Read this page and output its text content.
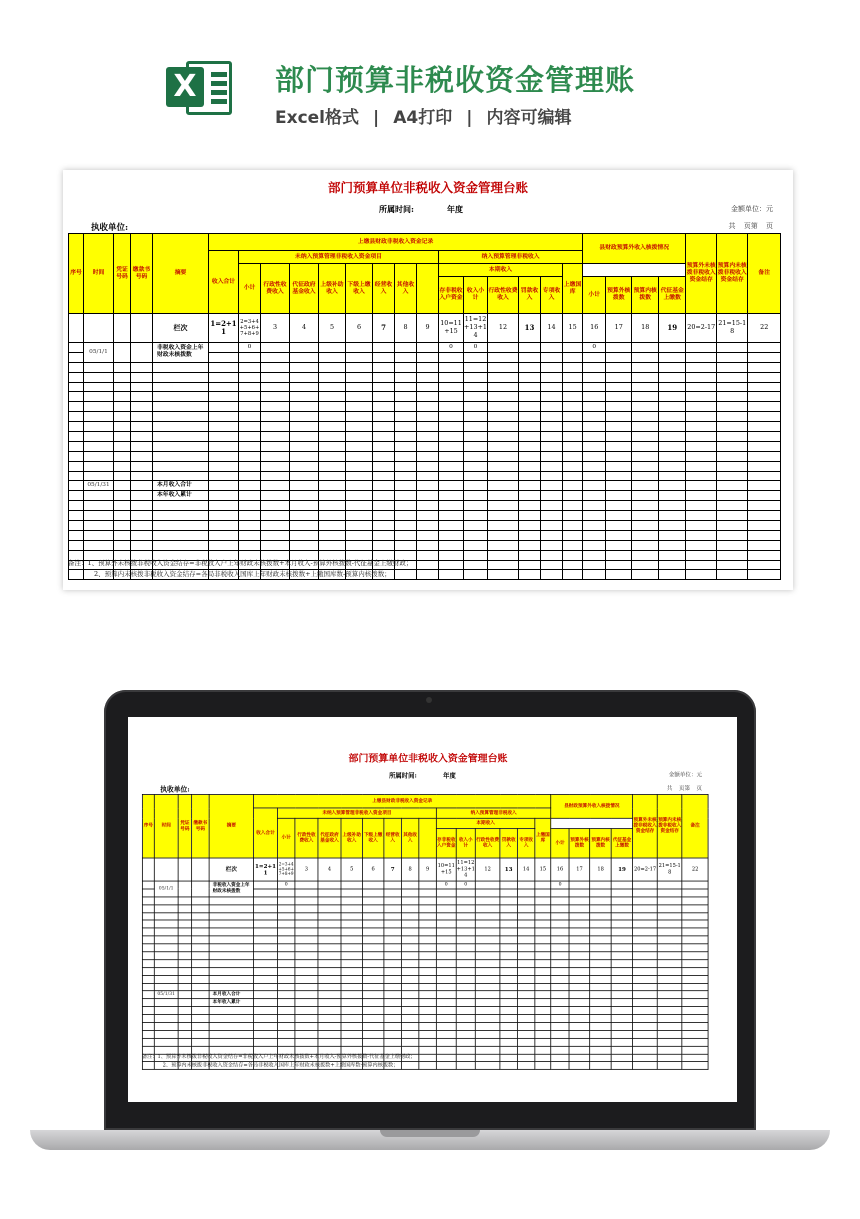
X	部门预算非税收资金管理账
Excel格式 | A4打印 | 内容可编辑
部门预算单位非税收入资金管理台账
所属时间:	年度	金额单位：元
执收单位:	共 页第 页
序号	时间	凭证号码	缴款书号码	摘要	上缴县财政非税收入资金记录															县财政预算外收入核拨情况				预算外未核拨非税收入资金结存	预算内未核拨非税收入资金结存	备注
					收入合计	未纳入预算管理非税收入资金项目								纳入预算管理非税收入												
						小计	行政性收费收入	代征政府基金收入	上级补助收入	下级上缴收入	经营收入	其他收入		本期收入					上缴国库							
														存非税收入户资金	收入小计	行政性收费收入	罚款收入	专项收入		小计	预算外核拨数	预算内核拨数	代征基金上缴数			
				栏次	1=2+11	2=3+4+5+6+7+8+9	3	4	5	6	7	8	9	10=11+15	11=12+13+14	12	13	14	15	16	17	18	19	20=2-17	21=15-18	22
	05/1/1			非税收入资金上年财政未核拨数		0								0	0					0						

	05/1/31			本月收入合计																						
				本年收入累计																						

备注：1、预算外未核拨非税收入资金结存=非税收入户上年财政未核拨数+本月收入-预算外核拨数-代征基金上缴财政；
2、预算内未核拨非税收入资金结存=各局非税收入国库上年财政未核拨数+上缴国库数-预算内核拨数；
部门预算单位非税收入资金管理台账
所属时间:	年度	金额单位：元
执收单位:	共 页第 页
序号	时间	凭证号码	缴款书号码	摘要	上缴县财政非税收入资金记录															县财政预算外收入核拨情况				预算外未核拨非税收入资金结存	预算内未核拨非税收入资金结存	备注
					收入合计	未纳入预算管理非税收入资金项目								纳入预算管理非税收入												
						小计	行政性收费收入	代征政府基金收入	上级补助收入	下级上缴收入	经营收入	其他收入		本期收入					上缴国库							
														存非税收入户资金	收入小计	行政性收费收入	罚款收入	专项收入		小计	预算外核拨数	预算内核拨数	代征基金上缴数			
				栏次	1=2+11	2=3+4+5+6+7+8+9	3	4	5	6	7	8	9	10=11+15	11=12+13+14	12	13	14	15	16	17	18	19	20=2-17	21=15-18	22
	05/1/1			非税收入资金上年财政未核拨数		0								0	0					0						

	05/1/31			本月收入合计																						
				本年收入累计																						

备注：1、预算外未核拨非税收入资金结存=非税收入户上年财政未核拨数+本月收入-预算外核拨数-代征基金上缴财政；
2、预算内未核拨非税收入资金结存=各局非税收入国库上年财政未核拨数+上缴国库数-预算内核拨数；
